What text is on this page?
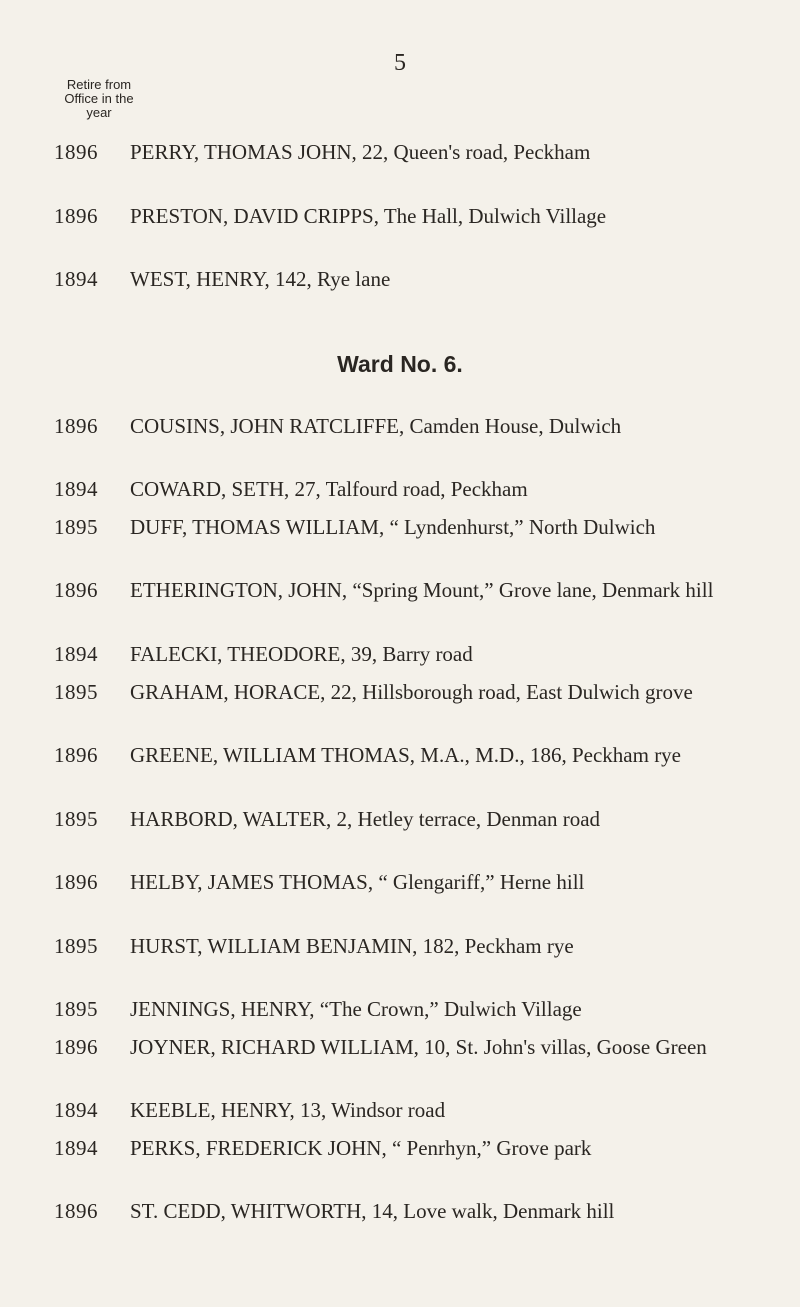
5
Retire from Office in the year
1896	PERRY, THOMAS JOHN, 22, Queen's road, Peckham
1896	PRESTON, DAVID CRIPPS, The Hall, Dulwich Village
1894	WEST, HENRY, 142, Rye lane
Ward No. 6.
1896	COUSINS, JOHN RATCLIFFE, Camden House, Dulwich
1894	COWARD, SETH, 27, Talfourd road, Peckham
1895	DUFF, THOMAS WILLIAM, “ Lyndenhurst,” North Dulwich
1896	ETHERINGTON, JOHN, “Spring Mount,” Grove lane, Denmark hill
1894	FALECKI, THEODORE, 39, Barry road
1895	GRAHAM, HORACE, 22, Hillsborough road, East Dulwich grove
1896	GREENE, WILLIAM THOMAS, M.A., M.D., 186, Peckham rye
1895	HARBORD, WALTER, 2, Hetley terrace, Denman road
1896	HELBY, JAMES THOMAS, “ Glengariff,” Herne hill
1895	HURST, WILLIAM BENJAMIN, 182, Peckham rye
1895	JENNINGS, HENRY, “The Crown,” Dulwich Village
1896	JOYNER, RICHARD WILLIAM, 10, St. John's villas, Goose Green
1894	KEEBLE, HENRY, 13, Windsor road
1894	PERKS, FREDERICK JOHN, “ Penrhyn,” Grove park
1896	ST. CEDD, WHITWORTH, 14, Love walk, Denmark hill
